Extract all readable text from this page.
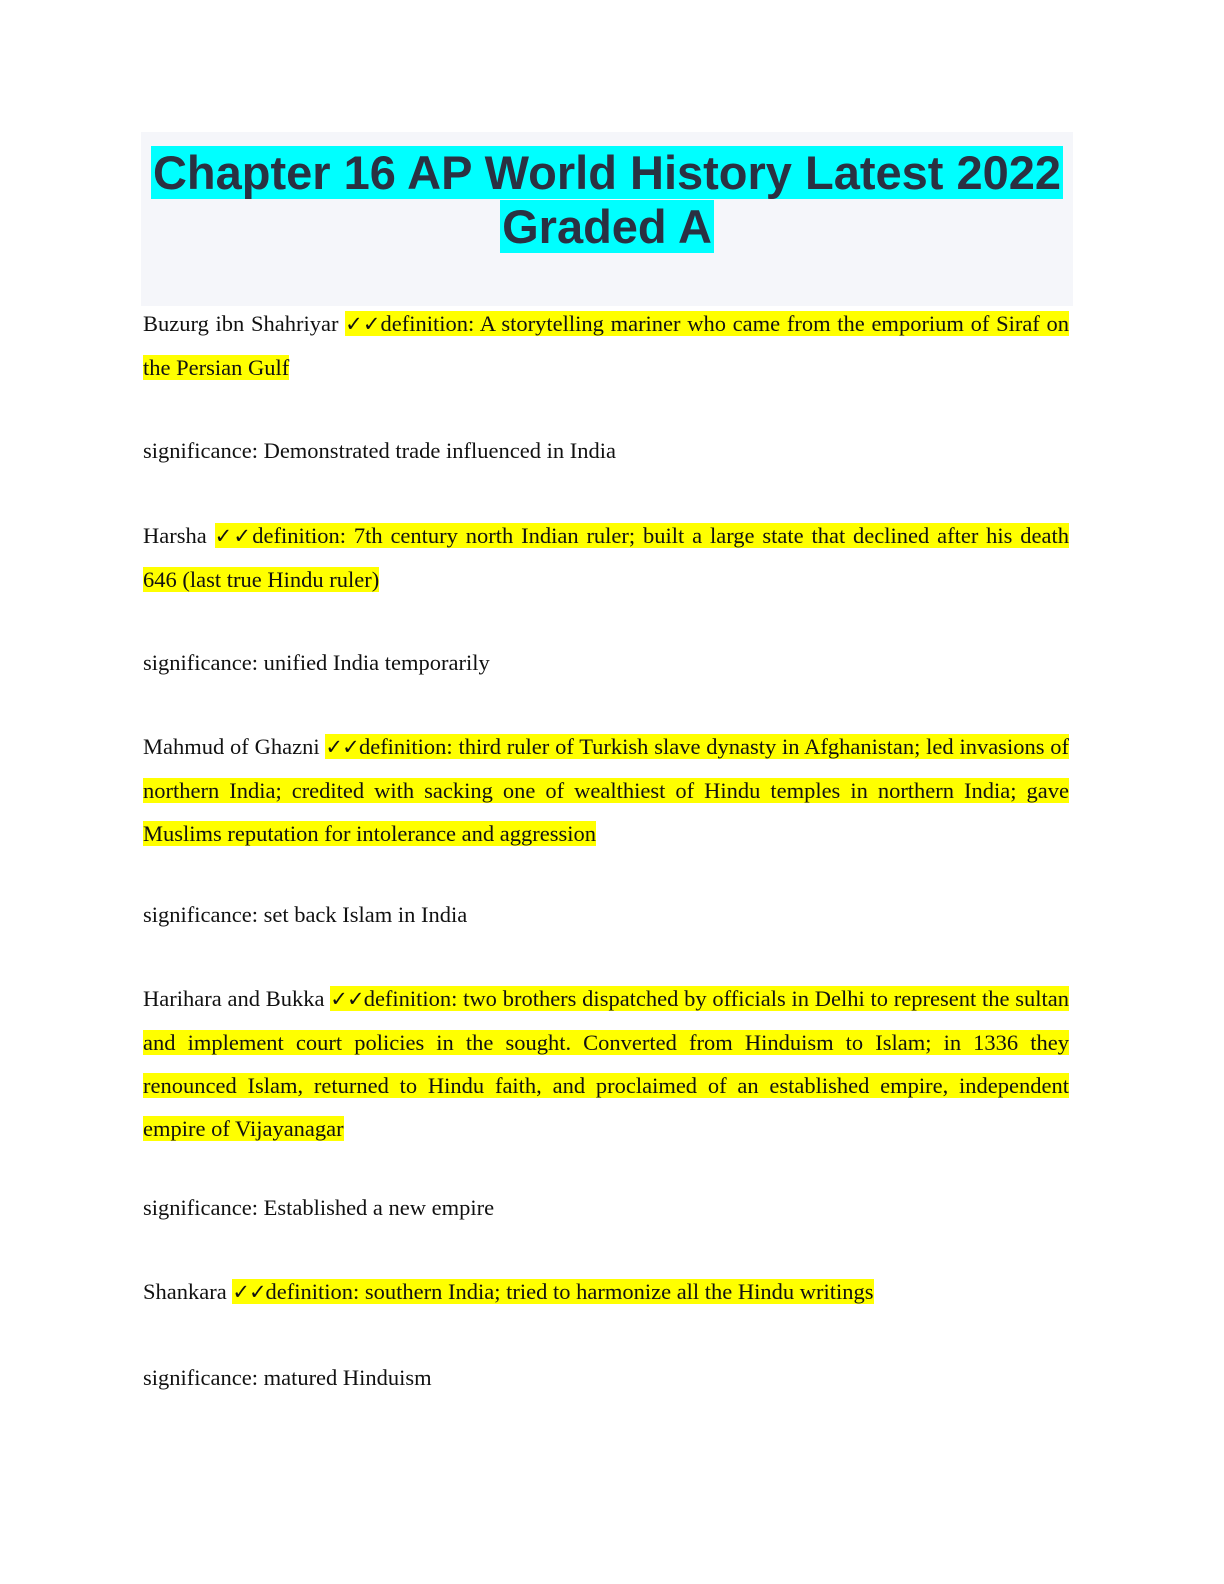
Chapter 16 AP World History Latest 2022
Graded A
Buzurg ibn Shahriyar ✓✓definition: A storytelling mariner who came from the emporium of Siraf on the Persian Gulf
significance: Demonstrated trade influenced in India
Harsha ✓✓definition: 7th century north Indian ruler; built a large state that declined after his death 646 (last true Hindu ruler)
significance: unified India temporarily
Mahmud of Ghazni ✓✓definition: third ruler of Turkish slave dynasty in Afghanistan; led invasions of northern India; credited with sacking one of wealthiest of Hindu temples in northern India; gave Muslims reputation for intolerance and aggression
significance: set back Islam in India
Harihara and Bukka ✓✓definition: two brothers dispatched by officials in Delhi to represent the sultan and implement court policies in the sought. Converted from Hinduism to Islam; in 1336 they renounced Islam, returned to Hindu faith, and proclaimed of an established empire, independent empire of Vijayanagar
significance: Established a new empire
Shankara ✓✓definition: southern India; tried to harmonize all the Hindu writings
significance: matured Hinduism
